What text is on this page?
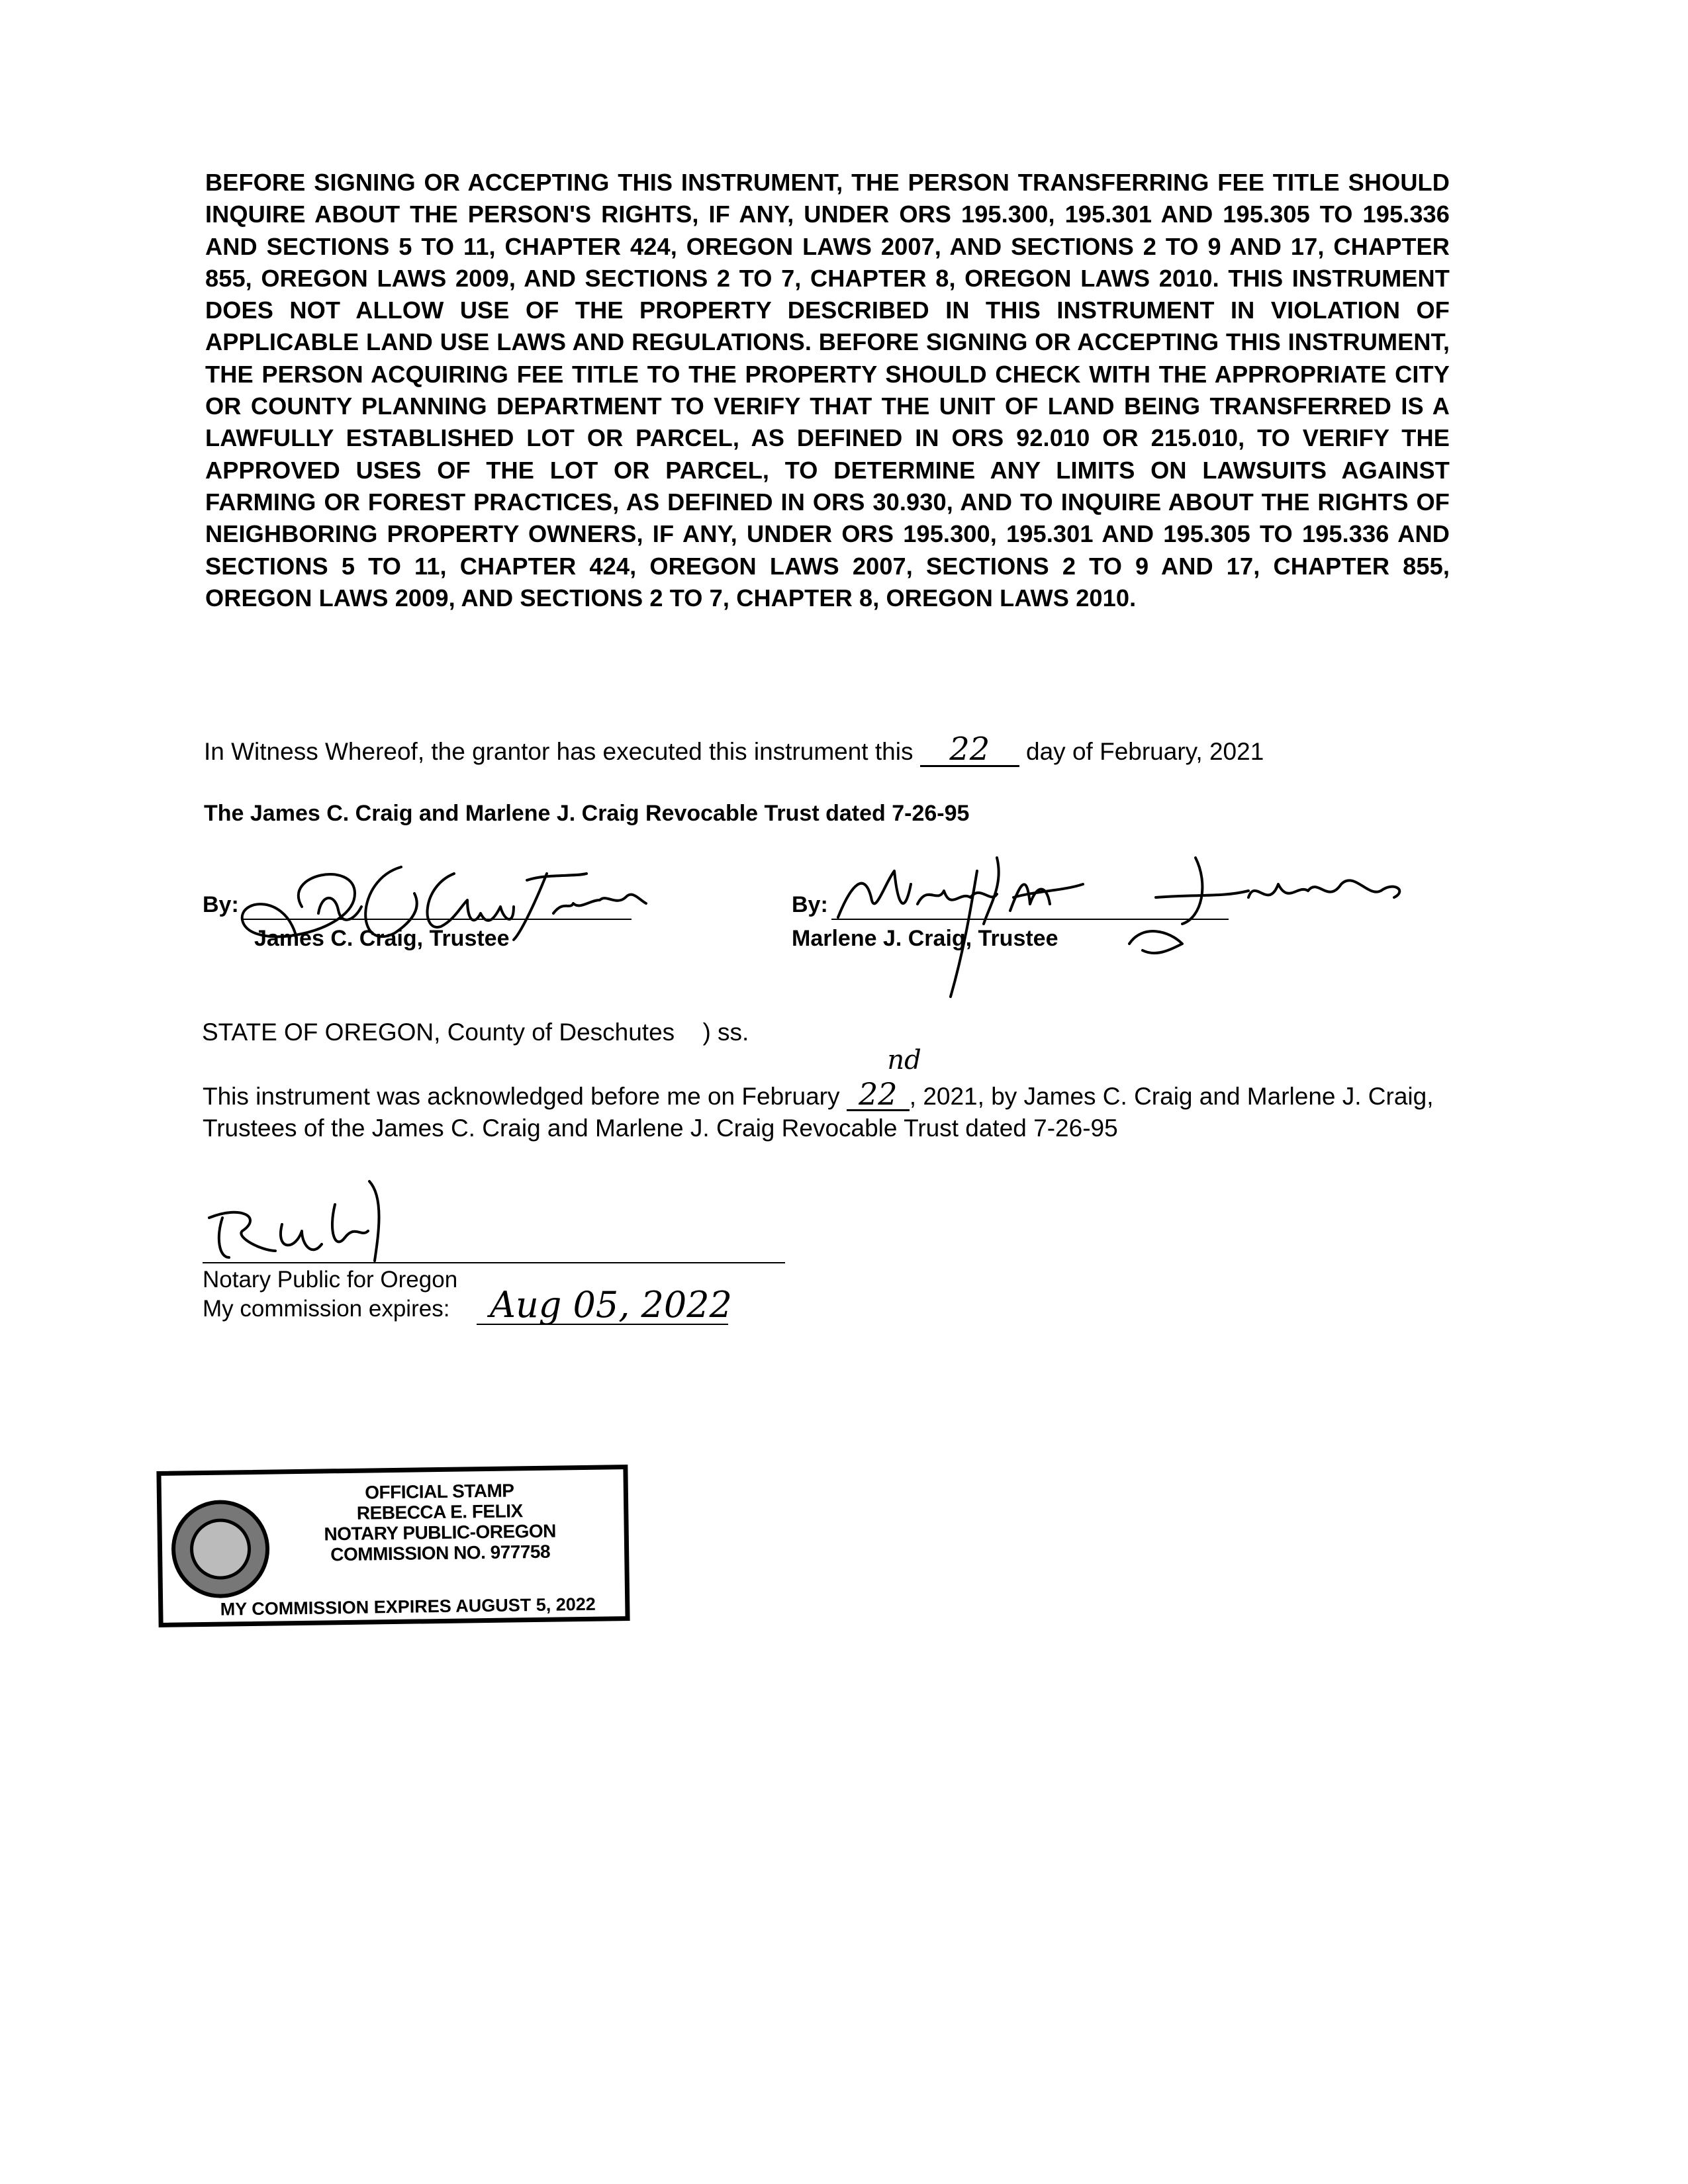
BEFORE SIGNING OR ACCEPTING THIS INSTRUMENT, THE PERSON TRANSFERRING FEE TITLE SHOULD INQUIRE ABOUT THE PERSON'S RIGHTS, IF ANY, UNDER ORS 195.300, 195.301 AND 195.305 TO 195.336 AND SECTIONS 5 TO 11, CHAPTER 424, OREGON LAWS 2007, AND SECTIONS 2 TO 9 AND 17, CHAPTER 855, OREGON LAWS 2009, AND SECTIONS 2 TO 7, CHAPTER 8, OREGON LAWS 2010. THIS INSTRUMENT DOES NOT ALLOW USE OF THE PROPERTY DESCRIBED IN THIS INSTRUMENT IN VIOLATION OF APPLICABLE LAND USE LAWS AND REGULATIONS. BEFORE SIGNING OR ACCEPTING THIS INSTRUMENT, THE PERSON ACQUIRING FEE TITLE TO THE PROPERTY SHOULD CHECK WITH THE APPROPRIATE CITY OR COUNTY PLANNING DEPARTMENT TO VERIFY THAT THE UNIT OF LAND BEING TRANSFERRED IS A LAWFULLY ESTABLISHED LOT OR PARCEL, AS DEFINED IN ORS 92.010 OR 215.010, TO VERIFY THE APPROVED USES OF THE LOT OR PARCEL, TO DETERMINE ANY LIMITS ON LAWSUITS AGAINST FARMING OR FOREST PRACTICES, AS DEFINED IN ORS 30.930, AND TO INQUIRE ABOUT THE RIGHTS OF NEIGHBORING PROPERTY OWNERS, IF ANY, UNDER ORS 195.300, 195.301 AND 195.305 TO 195.336 AND SECTIONS 5 TO 11, CHAPTER 424, OREGON LAWS 2007, SECTIONS 2 TO 9 AND 17, CHAPTER 855, OREGON LAWS 2009, AND SECTIONS 2 TO 7, CHAPTER 8, OREGON LAWS 2010.
In Witness Whereof, the grantor has executed this instrument this 22 day of February, 2021
The James C. Craig and Marlene J. Craig Revocable Trust dated 7-26-95
By:
James C. Craig, Trustee
By:
Marlene J. Craig, Trustee
STATE OF OREGON, County of Deschutes ) ss.
This instrument was acknowledged before me on February 22
nd
, 2021, by James C. Craig and Marlene J. Craig, Trustees of the James C. Craig and Marlene J. Craig Revocable Trust dated 7-26-95
Notary Public for Oregon
My commission expires: Aug 05, 2022
OFFICIAL STAMP
REBECCA E. FELIX
NOTARY PUBLIC-OREGON
COMMISSION NO. 977758
MY COMMISSION EXPIRES AUGUST 5, 2022
